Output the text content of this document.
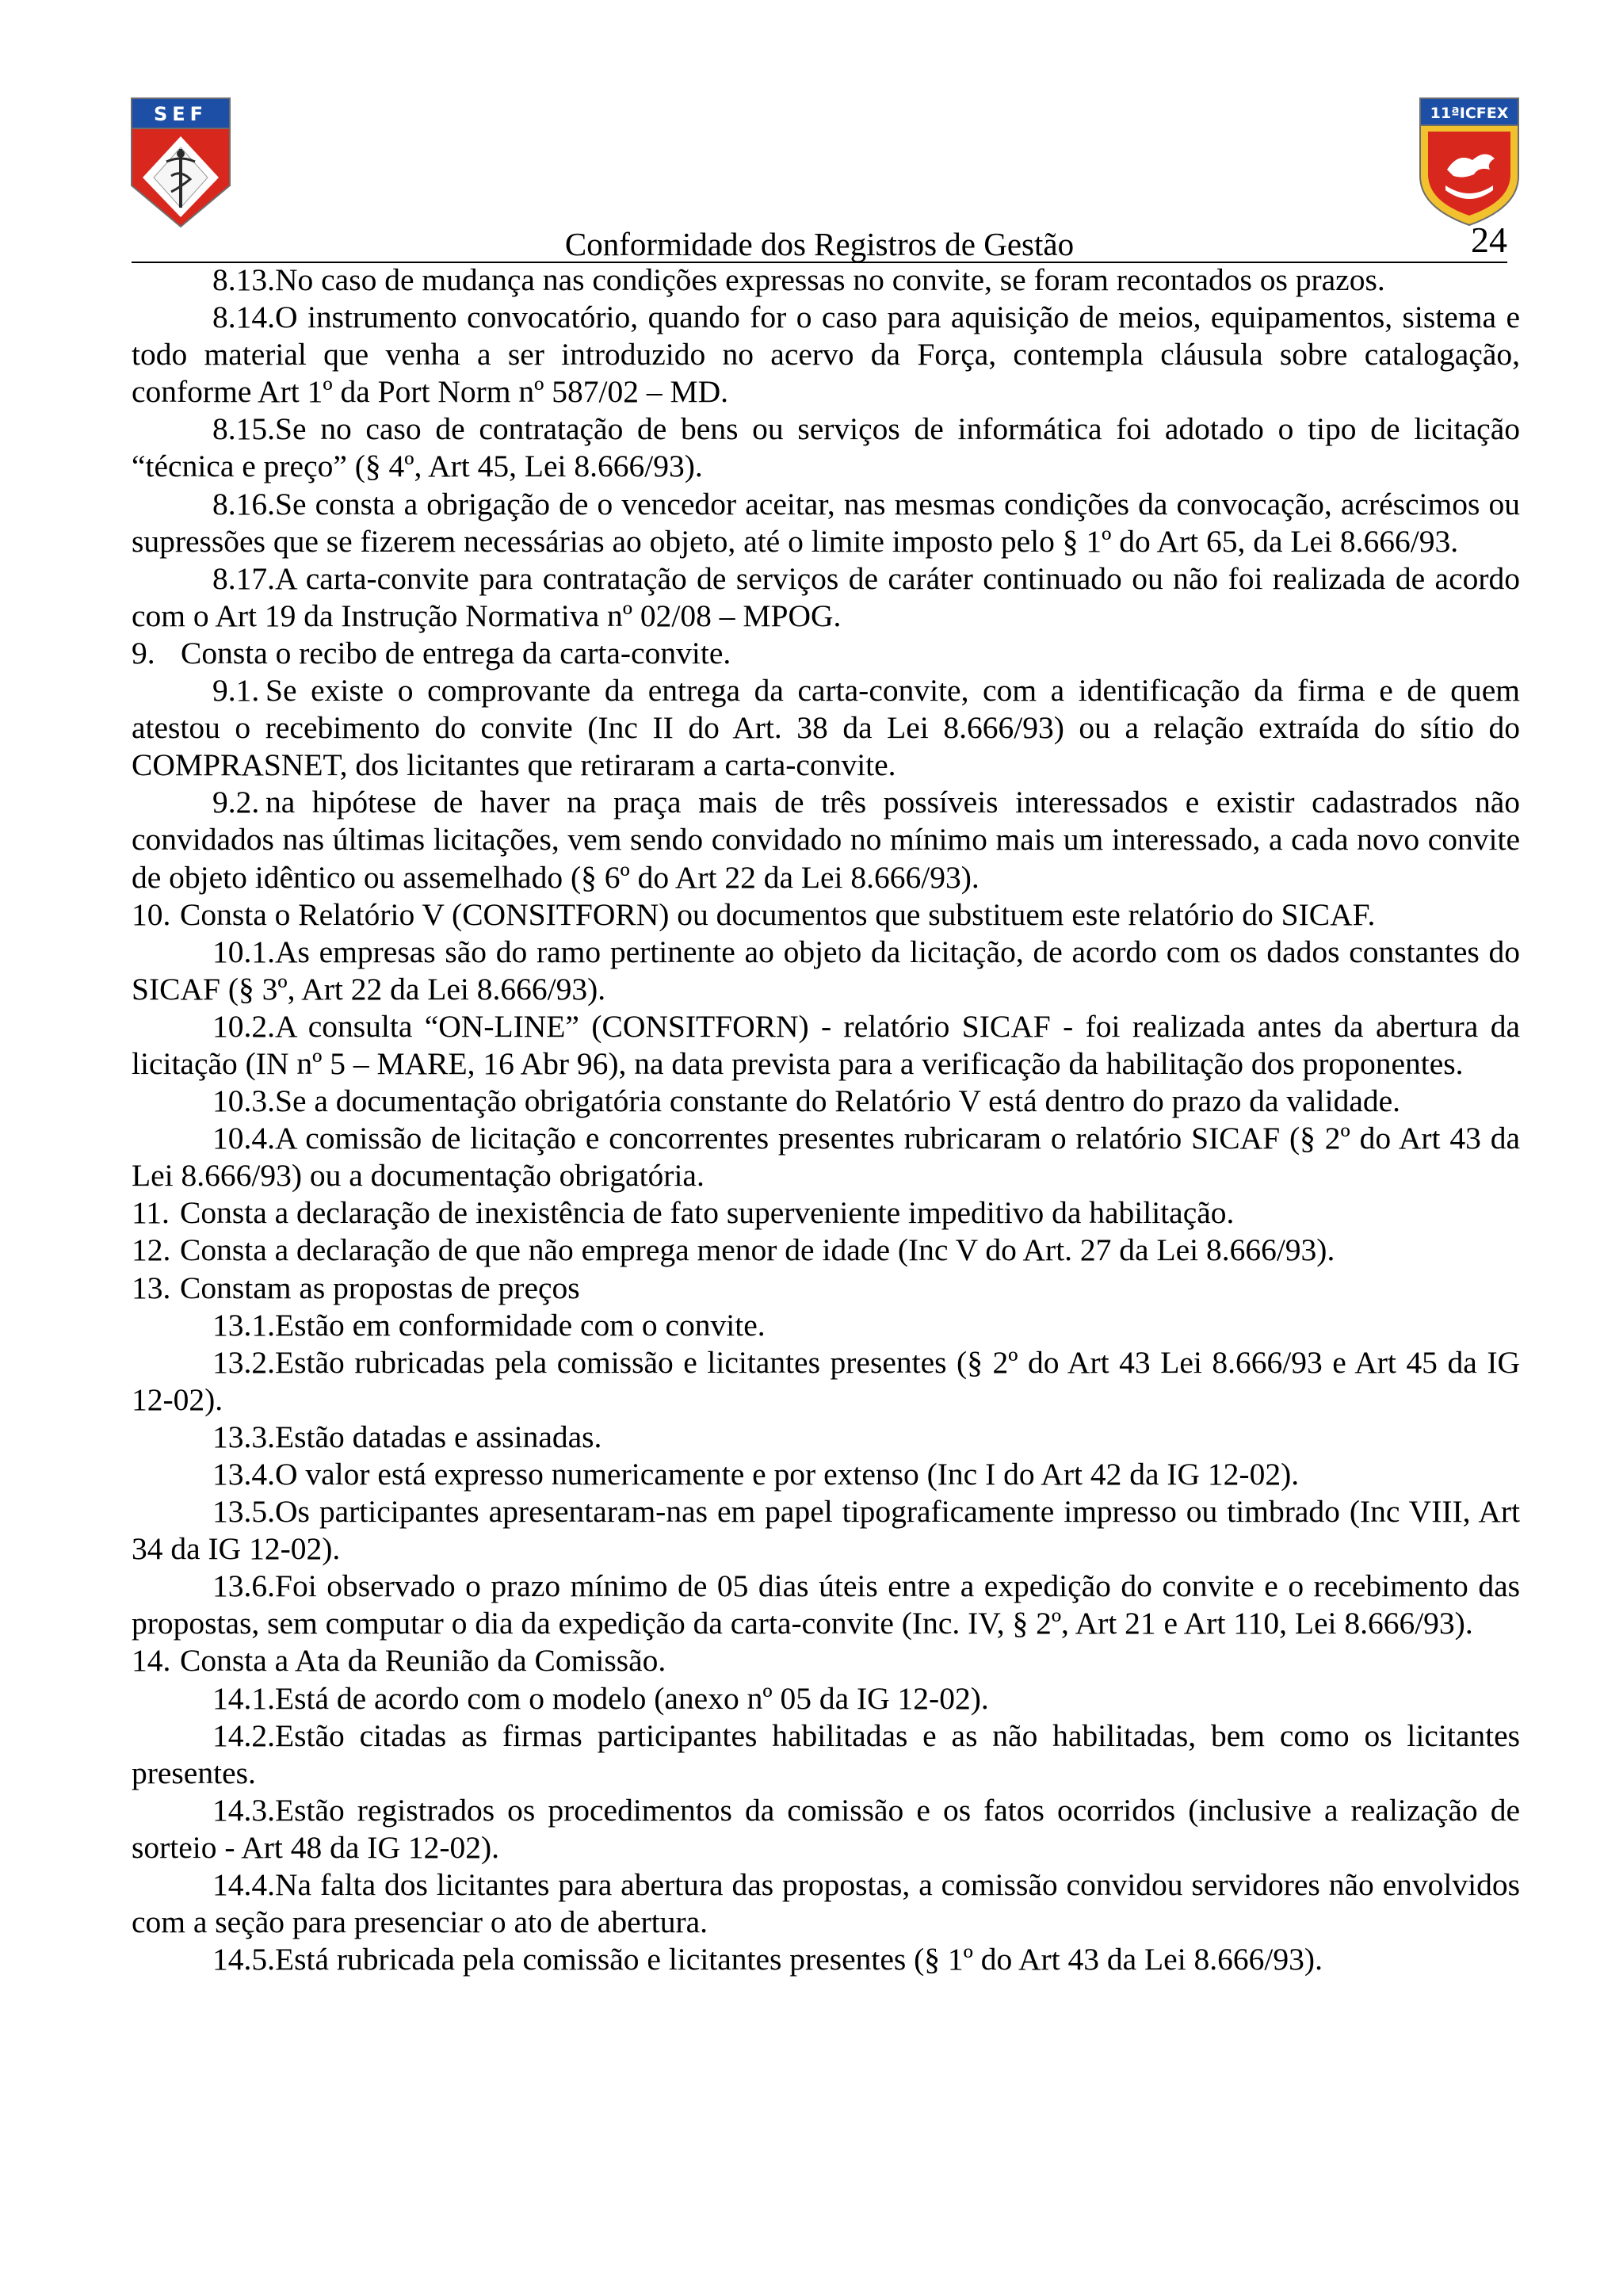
SEF	11ªICFEX
Conformidade dos Registros de Gestão	24

8.13.No caso de mudança nas condições expressas no convite, se foram recontados os prazos.

8.14.O instrumento convocatório, quando for o caso para aquisição de meios, equipamentos, sistema e todo material que venha a ser introduzido no acervo da Força, contempla cláusula sobre catalogação, conforme Art 1º da Port Norm nº 587/02 – MD.

8.15.Se no caso de contratação de bens ou serviços de informática foi adotado o tipo de licitação “técnica e preço” (§ 4º, Art 45, Lei 8.666/93).

8.16.Se consta a obrigação de o vencedor aceitar, nas mesmas condições da convocação, acréscimos ou supressões que se fizerem necessárias ao objeto, até o limite imposto pelo § 1º do Art 65, da Lei 8.666/93.

8.17.A carta-convite para contratação de serviços de caráter continuado ou não foi realizada de acordo com o Art 19 da Instrução Normativa nº 02/08 – MPOG.

9. Consta o recibo de entrega da carta-convite.

9.1. Se existe o comprovante da entrega da carta-convite, com a identificação da firma e de quem atestou o recebimento do convite (Inc II do Art. 38 da Lei 8.666/93) ou a relação extraída do sítio do COMPRASNET, dos licitantes que retiraram a carta-convite.

9.2. na hipótese de haver na praça mais de três possíveis interessados e existir cadastrados não convidados nas últimas licitações, vem sendo convidado no mínimo mais um interessado, a cada novo convite de objeto idêntico ou assemelhado (§ 6º do Art 22 da Lei 8.666/93).

10. Consta o Relatório V (CONSITFORN) ou documentos que substituem este relatório do SICAF.

10.1.As empresas são do ramo pertinente ao objeto da licitação, de acordo com os dados constantes do SICAF (§ 3º, Art 22 da Lei 8.666/93).

10.2.A consulta “ON-LINE” (CONSITFORN) - relatório SICAF - foi realizada antes da abertura da licitação (IN nº 5 – MARE, 16 Abr 96), na data prevista para a verificação da habilitação dos proponentes.

10.3.Se a documentação obrigatória constante do Relatório V está dentro do prazo da validade.

10.4.A comissão de licitação e concorrentes presentes rubricaram o relatório SICAF (§ 2º do Art 43 da Lei 8.666/93) ou a documentação obrigatória.

11. Consta a declaração de inexistência de fato superveniente impeditivo da habilitação.

12. Consta a declaração de que não emprega menor de idade (Inc V do Art. 27 da Lei 8.666/93).

13. Constam as propostas de preços

13.1.Estão em conformidade com o convite.

13.2.Estão rubricadas pela comissão e licitantes presentes (§ 2º do Art 43 Lei 8.666/93 e Art 45 da IG 12-02).

13.3.Estão datadas e assinadas.

13.4.O valor está expresso numericamente e por extenso (Inc I do Art 42 da IG 12-02).

13.5.Os participantes apresentaram-nas em papel tipograficamente impresso ou timbrado (Inc VIII, Art 34 da IG 12-02).

13.6.Foi observado o prazo mínimo de 05 dias úteis entre a expedição do convite e o recebimento das propostas, sem computar o dia da expedição da carta-convite (Inc. IV, § 2º, Art 21 e Art 110, Lei 8.666/93).

14. Consta a Ata da Reunião da Comissão.

14.1.Está de acordo com o modelo (anexo nº 05 da IG 12-02).

14.2.Estão citadas as firmas participantes habilitadas e as não habilitadas, bem como os licitantes presentes.

14.3.Estão registrados os procedimentos da comissão e os fatos ocorridos (inclusive a realização de sorteio - Art 48 da IG 12-02).

14.4.Na falta dos licitantes para abertura das propostas, a comissão convidou servidores não envolvidos com a seção para presenciar o ato de abertura.

14.5.Está rubricada pela comissão e licitantes presentes (§ 1º do Art 43 da Lei 8.666/93).
